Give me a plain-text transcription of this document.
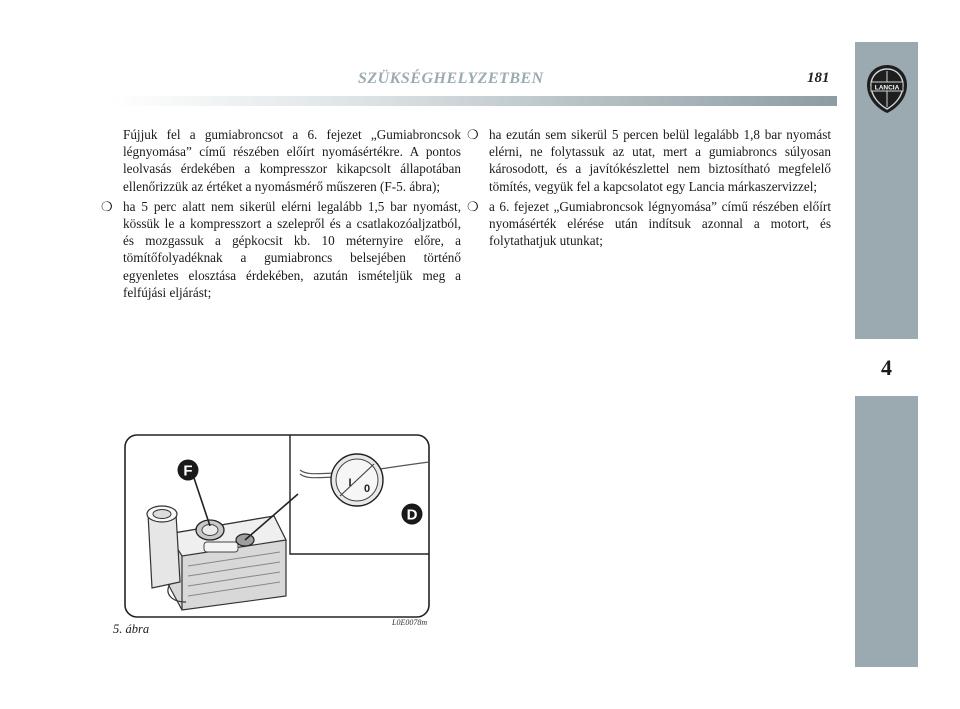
LANCIA
4
SZÜKSÉGHELYZETBEN	181

Fújjuk fel a gumiabroncsot a 6. fejezet „Gumiabroncsok légnyomása” című részében előírt nyomásértékre. A pontos leolvasás érdekében a kompresszor kikapcsolt állapotában ellenőrizzük az értéket a nyomásmérő műszeren (F-5. ábra);

❍ ha 5 perc alatt nem sikerül elérni legalább 1,5 bar nyomást, kössük le a kompresszort a szelepről és a csatlakozóaljzatból, és mozgassuk a gépkocsit kb. 10 méternyire előre, a tömítőfolyadéknak a gumiabroncs belsejében történő egyenletes elosztása érdekében, azután ismételjük meg a felfújási eljárást;
❍ ha ezután sem sikerül 5 percen belül legalább 1,8 bar nyomást elérni, ne folytassuk az utat, mert a gumiabroncs súlyosan károsodott, és a javítókészlettel nem biztosítható megfelelő tömítés, vegyük fel a kapcsolatot egy Lancia márkaszervizzel;
❍ a 6. fejezet „Gumiabroncsok légnyomása” című részében előírt nyomásérték elérése után indítsuk azonnal a motort, és folytathatjuk utunkat;
I 0
F
D
5. ábra	L0E0078m
